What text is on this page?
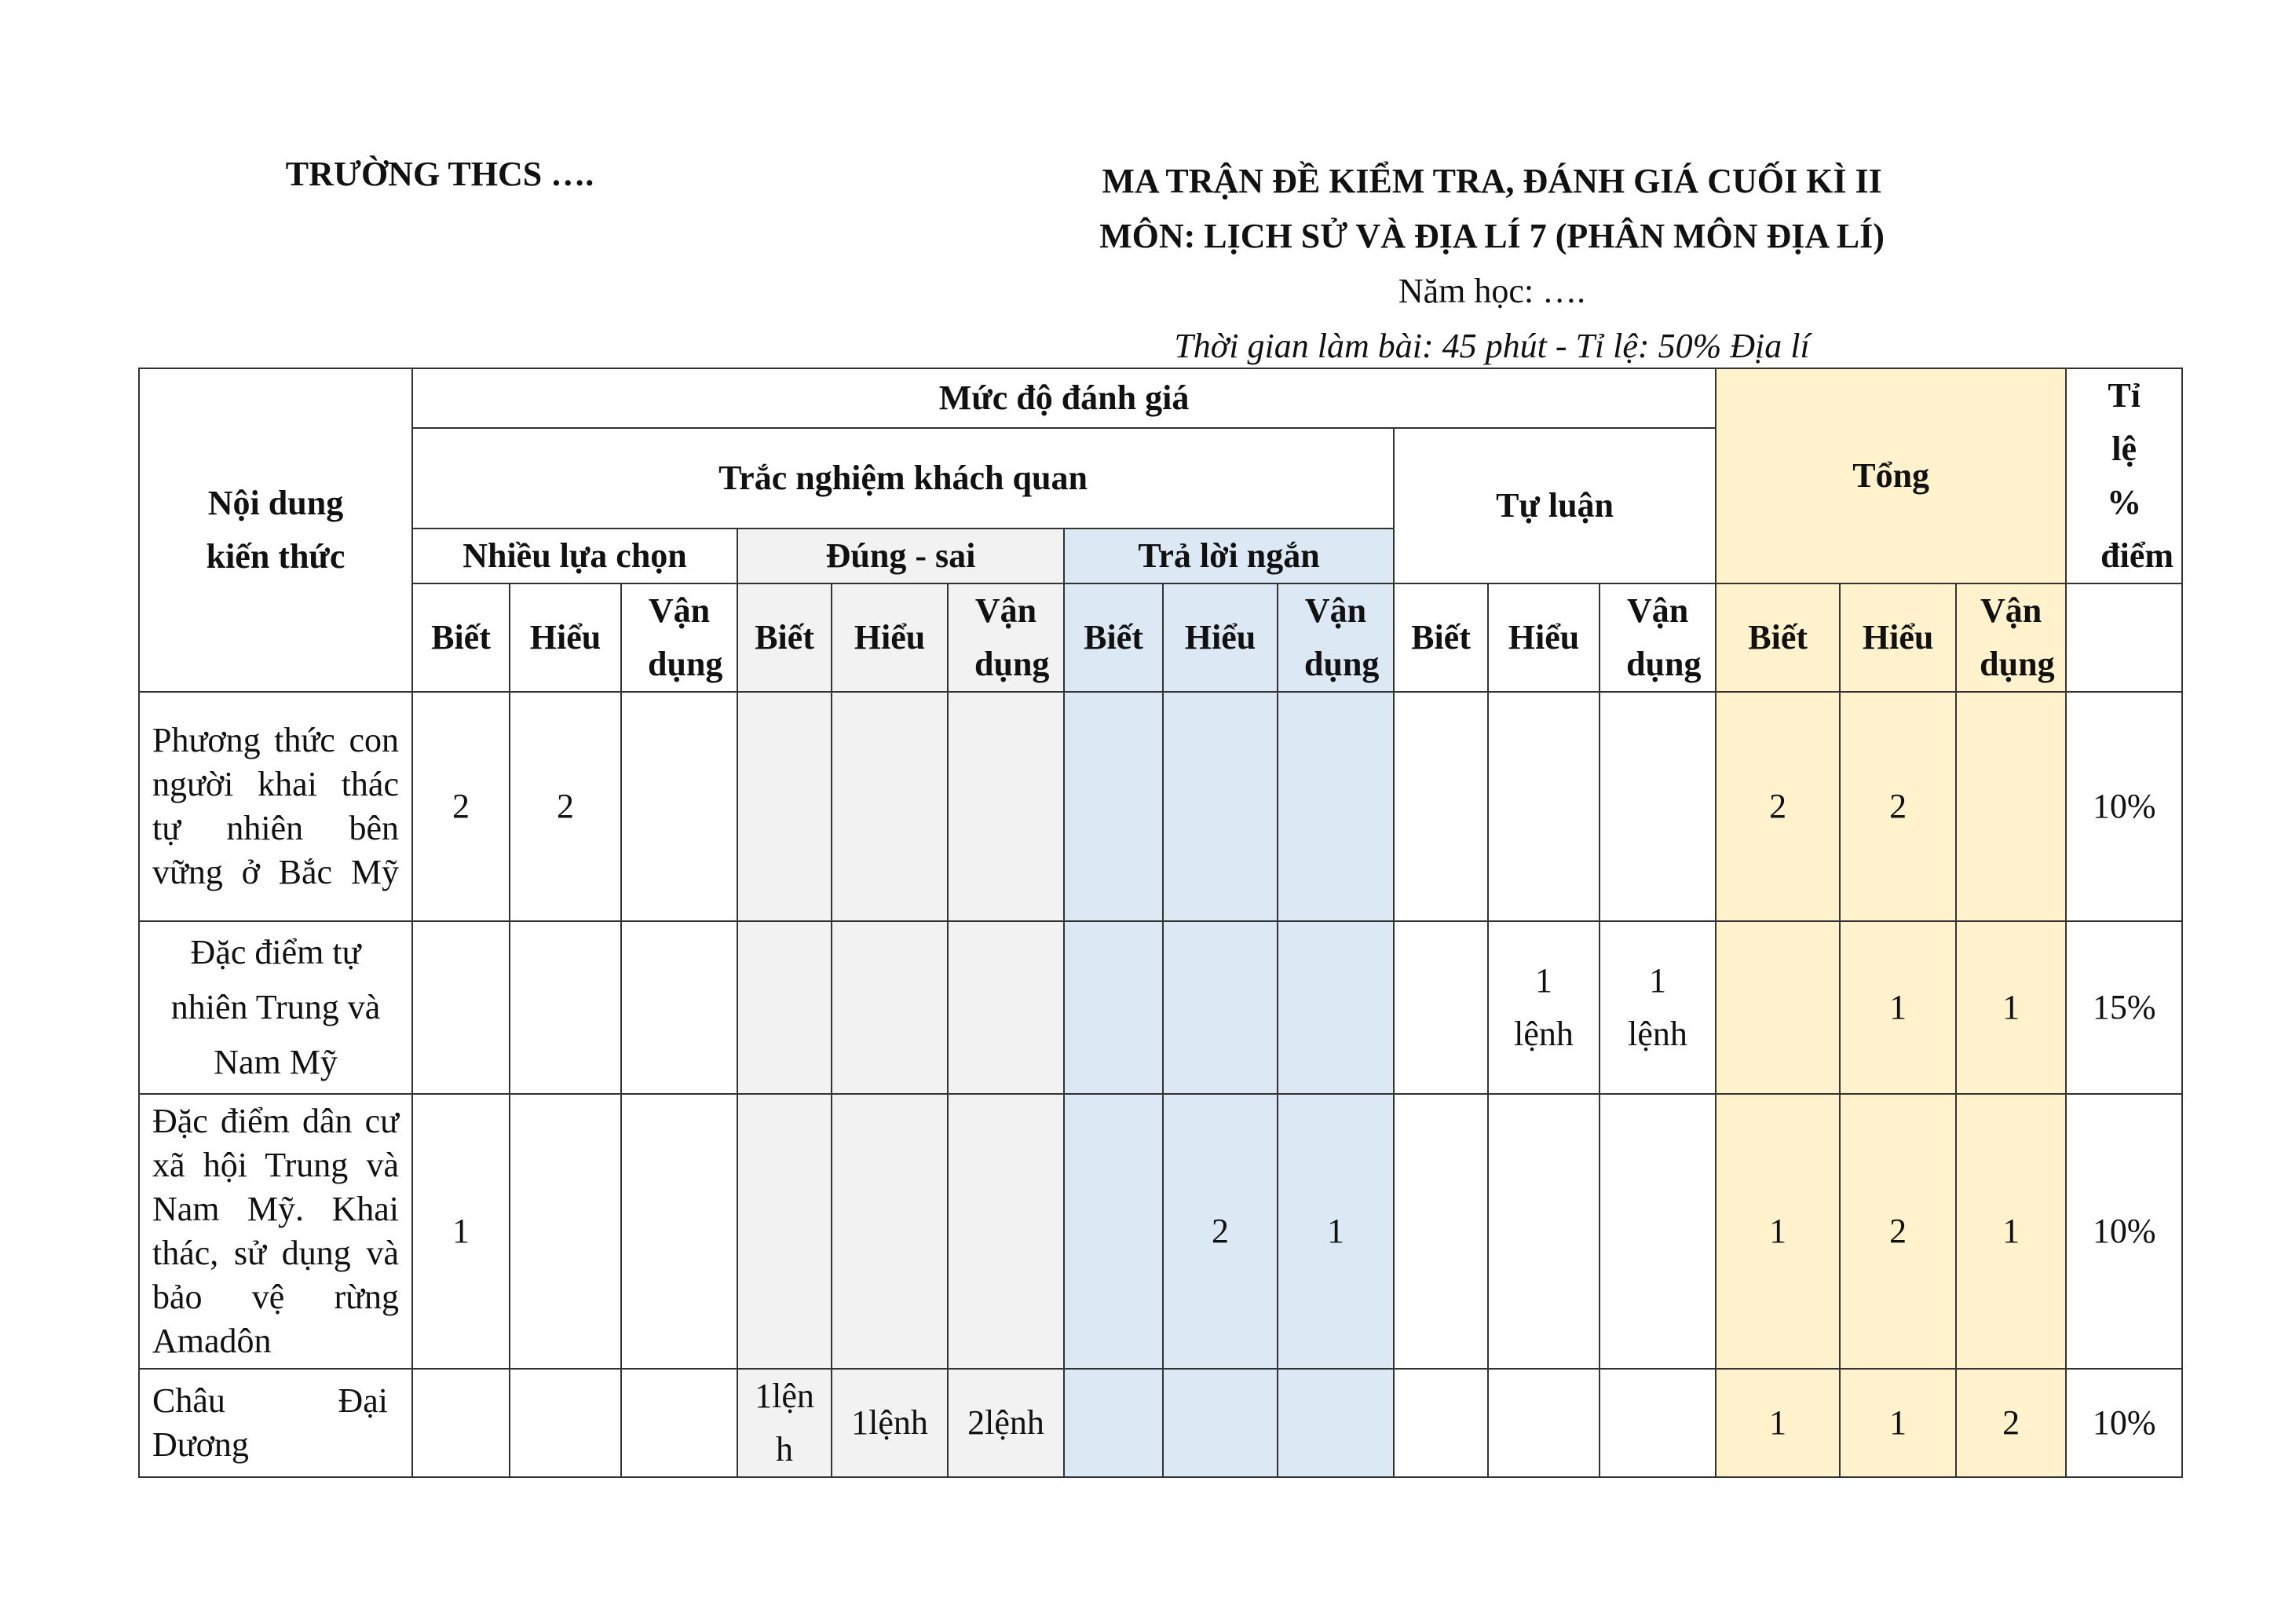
TRƯỜNG THCS ….	MA TRẬN ĐỀ KIỂM TRA, ĐÁNH GIÁ CUỐI KÌ II
MÔN: LỊCH SỬ VÀ ĐỊA LÍ 7 (PHÂN MÔN ĐỊA LÍ)
Năm học: ….
Thời gian làm bài: 45 phút - Tỉ lệ: 50% Địa lí
Nội dung kiến thức	Mức độ đánh giá												Tổng			Tỉ lệ % điểm

	Trắc nghiệm khách quan									Tự luận						
	Nhiều lựa chọn			Đúng - sai			Trả lời ngắn									
	Biết	Hiểu	Vận dụng	Biết	Hiểu	Vận dụng	Biết	Hiểu	Vận dụng	Biết	Hiểu	Vận dụng	Biết	Hiểu	Vận dụng	

Phương thức con người khai thác tự nhiên bên vững ở Bắc Mỹ	2	2											2	2		10%
Đặc điểm tự nhiên Trung và Nam Mỹ											1 lệnh	1 lệnh		1	1	15%
Đặc điểm dân cư xã hội Trung và Nam Mỹ. Khai thác, sử dụng và bảo vệ rừng Amadôn	1							2	1				1	2	1	10%

Châu Đại Dương				1lện h	1lệnh	2lệnh							1	1	2	10%
